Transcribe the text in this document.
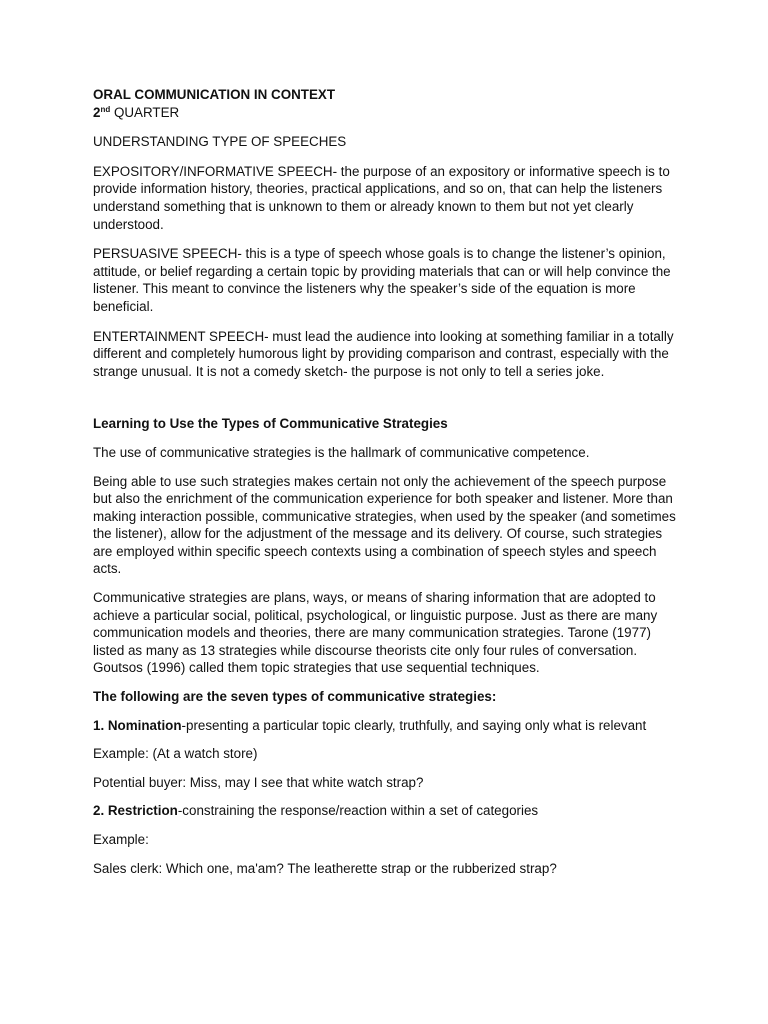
ORAL COMMUNICATION IN CONTEXT

2nd QUARTER

UNDERSTANDING TYPE OF SPEECHES

EXPOSITORY/INFORMATIVE SPEECH- the purpose of an expository or informative speech is to provide information history, theories, practical applications, and so on, that can help the listeners understand something that is unknown to them or already known to them but not yet clearly understood.

PERSUASIVE SPEECH- this is a type of speech whose goals is to change the listener’s opinion, attitude, or belief regarding a certain topic by providing materials that can or will help convince the listener. This meant to convince the listeners why the speaker’s side of the equation is more beneficial.

ENTERTAINMENT SPEECH- must lead the audience into looking at something familiar in a totally different and completely humorous light by providing comparison and contrast, especially with the strange unusual. It is not a comedy sketch- the purpose is not only to tell a series joke.

Learning to Use the Types of Communicative Strategies

The use of communicative strategies is the hallmark of communicative competence.

Being able to use such strategies makes certain not only the achievement of the speech purpose but also the enrichment of the communication experience for both speaker and listener. More than making interaction possible, communicative strategies, when used by the speaker (and sometimes the listener), allow for the adjustment of the message and its delivery. Of course, such strategies are employed within specific speech contexts using a combination of speech styles and speech acts.

Communicative strategies are plans, ways, or means of sharing information that are adopted to achieve a particular social, political, psychological, or linguistic purpose. Just as there are many communication models and theories, there are many communication strategies. Tarone (1977) listed as many as 13 strategies while discourse theorists cite only four rules of conversation. Goutsos (1996) called them topic strategies that use sequential techniques.

The following are the seven types of communicative strategies:

1. Nomination-presenting a particular topic clearly, truthfully, and saying only what is relevant

Example: (At a watch store)

Potential buyer: Miss, may I see that white watch strap?

2. Restriction-constraining the response/reaction within a set of categories

Example:

Sales clerk: Which one, ma'am? The leatherette strap or the rubberized strap?
